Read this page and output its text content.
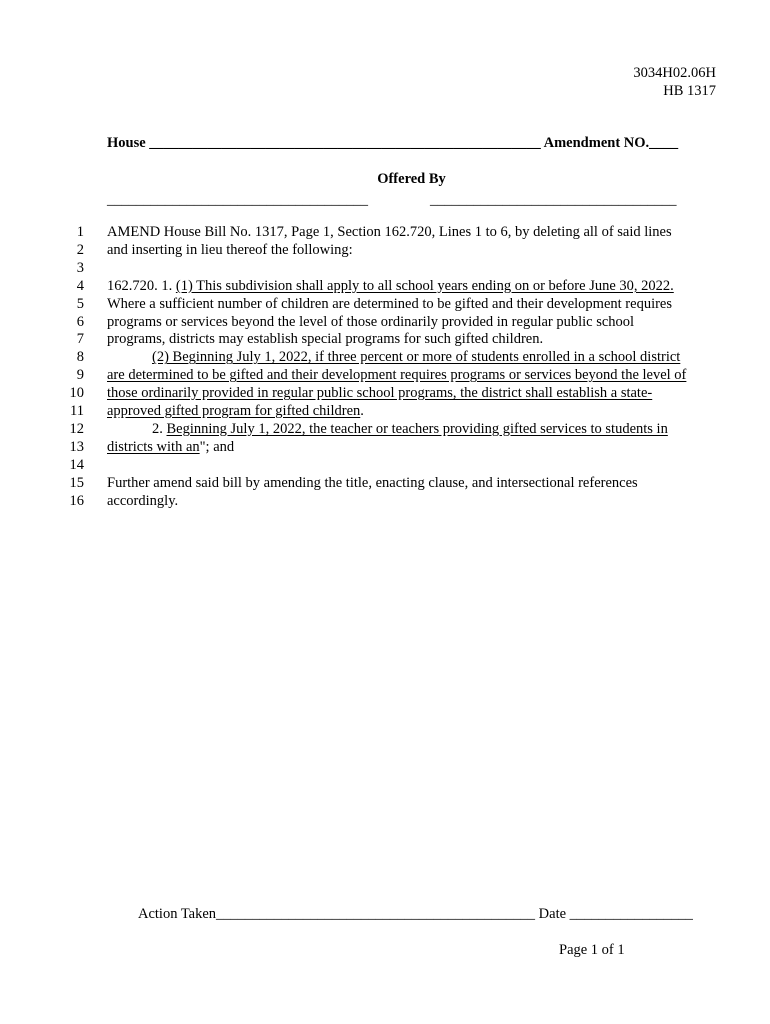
3034H02.06H
HB 1317
House ______________________________________________________ Amendment NO.____
Offered By
____________________________________	__________________________________
1 AMEND House Bill No. 1317, Page 1, Section 162.720, Lines 1 to 6, by deleting all of said lines
2 and inserting in lieu thereof the following:
3
4 162.720. 1. (1) This subdivision shall apply to all school years ending on or before June 30, 2022.
5 Where a sufficient number of children are determined to be gifted and their development requires
6 programs or services beyond the level of those ordinarily provided in regular public school
7 programs, districts may establish special programs for such gifted children.
8	(2) Beginning July 1, 2022, if three percent or more of students enrolled in a school district
9 are determined to be gifted and their development requires programs or services beyond the level of
10 those ordinarily provided in regular public school programs, the district shall establish a state-
11 approved gifted program for gifted children.
12	2. Beginning July 1, 2022, the teacher or teachers providing gifted services to students in
13 districts with an"; and
14
15 Further amend said bill by amending the title, enacting clause, and intersectional references
16 accordingly.
Action Taken____________________________________________ Date _________________
Page 1 of 1
